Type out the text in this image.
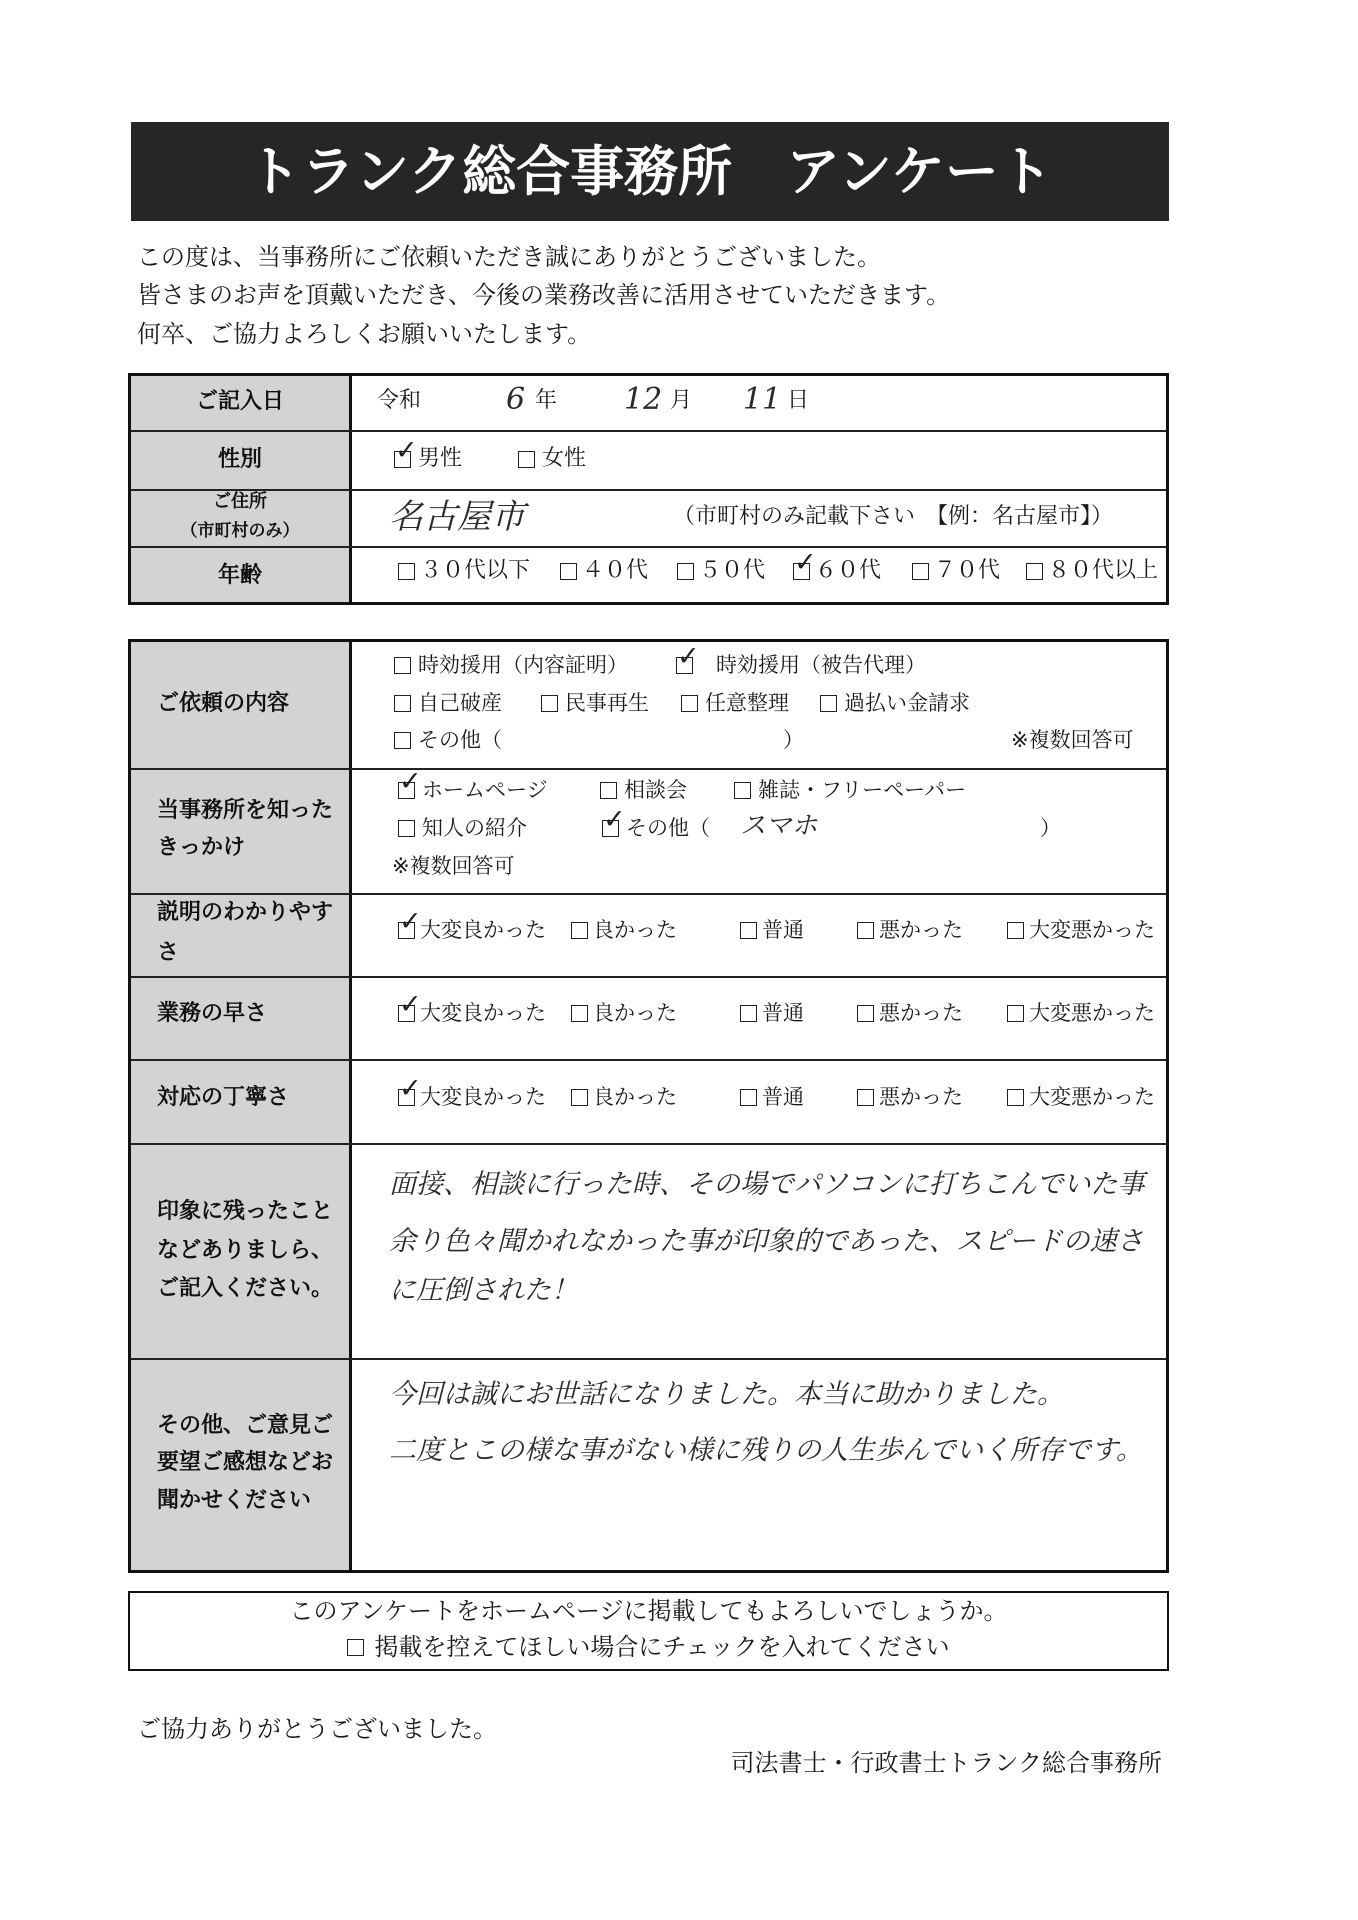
トランク総合事務所　アンケート
この度は、当事務所にご依頼いただき誠にありがとうございました。
皆さまのお声を頂戴いただき、今後の業務改善に活用させていただきます。
何卒、ご協力よろしくお願いいたします。
ご記入日	令和	6 年 12 月 11 日
性別 ✓	男性	女性
ご住所
（市町村のみ）	名古屋市	（市町村のみ記載下さい　【例：名古屋市】）
年齢	３０代以下 ４０代 ５０代 ✓ ６０代 ７０代 ８０代以上
ご依頼の内容
時効援用（内容証明） ✓	時効援用（被告代理）
自己破産	民事再生	任意整理	過払い金請求
その他（	）	※複数回答可
当事務所を知った
きっかけ
✓
ホームページ	相談会	雑誌・フリーペーパー
知人の紹介 ✓	その他（ スマホ	）
※複数回答可
説明のわかりやす
さ
✓
大変良かった 良かった	普通	悪かった	大変悪かった
業務の早さ ✓	大変良かった 良かった	普通	悪かった	大変悪かった
対応の丁寧さ ✓	大変良かった 良かった	普通	悪かった	大変悪かった
印象に残ったこと
などありましら、
ご記入ください。
面接、相談に行った時、その場でパソコンに打ちこんでいた事
余り色々聞かれなかった事が印象的であった、スピードの速さ
に圧倒された！
その他、ご意見ご
要望ご感想などお
聞かせください
今回は誠にお世話になりました。本当に助かりました。
二度とこの様な事がない様に残りの人生歩んでいく所存です。
このアンケートをホームページに掲載してもよろしいでしょうか。
掲載を控えてほしい場合にチェックを入れてください
ご協力ありがとうございました。
司法書士・行政書士トランク総合事務所
